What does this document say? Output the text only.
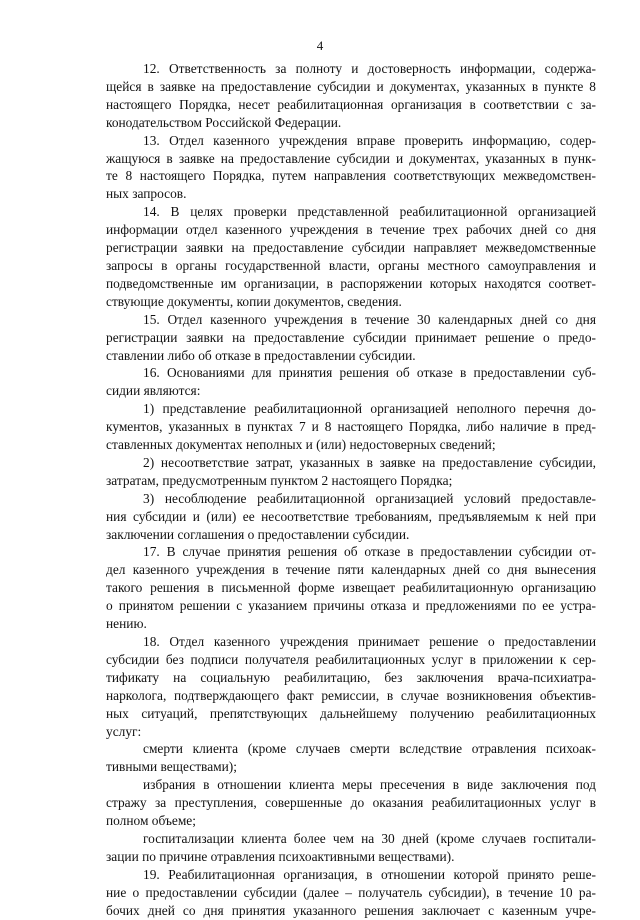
4
12. Ответственность за полноту и достоверность информации, содержа-
щейся в заявке на предоставление субсидии и документах, указанных в пункте 8
настоящего Порядка, несет реабилитационная организация в соответствии с за-
конодательством Российской Федерации.
13. Отдел казенного учреждения вправе проверить информацию, содер-
жащуюся в заявке на предоставление субсидии и документах, указанных в пунк-
те 8 настоящего Порядка, путем направления соответствующих межведомствен-
ных запросов.
14. В целях проверки представленной реабилитационной организацией
информации отдел казенного учреждения в течение трех рабочих дней со дня
регистрации заявки на предоставление субсидии направляет межведомственные
запросы в органы государственной власти, органы местного самоуправления и
подведомственные им организации, в распоряжении которых находятся соответ-
ствующие документы, копии документов, сведения.
15. Отдел казенного учреждения в течение 30 календарных дней со дня
регистрации заявки на предоставление субсидии принимает решение о предо-
ставлении либо об отказе в предоставлении субсидии.
16. Основаниями для принятия решения об отказе в предоставлении суб-
сидии являются:
1) представление реабилитационной организацией неполного перечня до-
кументов, указанных в пунктах 7 и 8 настоящего Порядка, либо наличие в пред-
ставленных документах неполных и (или) недостоверных сведений;
2) несоответствие затрат, указанных в заявке на предоставление субсидии,
затратам, предусмотренным пунктом 2 настоящего Порядка;
3) несоблюдение реабилитационной организацией условий предоставле-
ния субсидии и (или) ее несоответствие требованиям, предъявляемым к ней при
заключении соглашения о предоставлении субсидии.
17. В случае принятия решения об отказе в предоставлении субсидии от-
дел казенного учреждения в течение пяти календарных дней со дня вынесения
такого решения в письменной форме извещает реабилитационную организацию
о принятом решении с указанием причины отказа и предложениями по ее устра-
нению.
18. Отдел казенного учреждения принимает решение о предоставлении
субсидии без подписи получателя реабилитационных услуг в приложении к сер-
тификату на социальную реабилитацию, без заключения врача-психиатра-
нарколога, подтверждающего факт ремиссии, в случае возникновения объектив-
ных ситуаций, препятствующих дальнейшему получению реабилитационных
услуг:
смерти клиента (кроме случаев смерти вследствие отравления психоак-
тивными веществами);
избрания в отношении клиента меры пресечения в виде заключения под
стражу за преступления, совершенные до оказания реабилитационных услуг в
полном объеме;
госпитализации клиента более чем на 30 дней (кроме случаев госпитали-
зации по причине отравления психоактивными веществами).
19. Реабилитационная организация, в отношении которой принято реше-
ние о предоставлении субсидии (далее – получатель субсидии), в течение 10 ра-
бочих дней со дня принятия указанного решения заключает с казенным учре-
